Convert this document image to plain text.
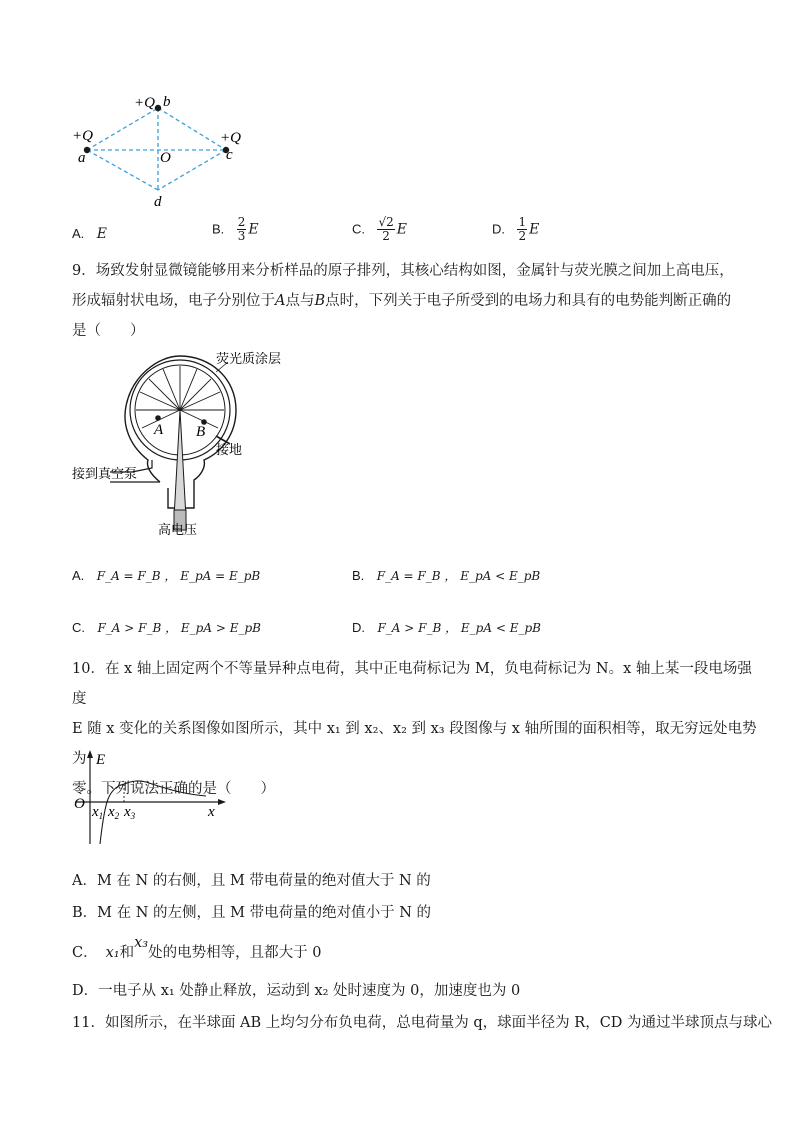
+Q b
+Q
a
+Q
c
O
d
A. E	B. $\frac{2}{3}$ E	C. $\frac{√2}{2}$ E	D. $\frac{1}{2}$ E
9．场致发射显微镜能够用来分析样品的原子排列，其核心结构如图，金属针与荧光膜之间加上高电压，
形成辐射状电场，电子分别位于A点与B点时，下列关于电子所受到的电场力和具有的电势能判断正确的
是（　　）
A B
荧光质涂层
接地
接到真空泵
高电压
A. F_A = F_B ， E_pA = E_pB	B. F_A = F_B ， E_pA < E_pB
C. F_A > F_B ， E_pA > E_pB	D. F_A > F_B ， E_pA < E_pB
10．在 x 轴上固定两个不等量异种点电荷，其中正电荷标记为 M，负电荷标记为 N。x 轴上某一段电场强度
E 随 x 变化的关系图像如图所示，其中 x₁ 到 x₂、x₂ 到 x₃ 段图像与 x 轴所围的面积相等，取无穷远处电势为
零。下列说法正确的是（　　）
E
O	x
$x_1$ $x_2$ $x_3$
A．M 在 N 的右侧，且 M 带电荷量的绝对值大于 N 的
B．M 在 N 的左侧，且 M 带电荷量的绝对值小于 N 的
C． x₁和x₃处的电势相等，且都大于 0
D．一电子从 x₁ 处静止释放，运动到 x₂ 处时速度为 0，加速度也为 0
11．如图所示，在半球面 AB 上均匀分布负电荷，总电荷量为 q，球面半径为 R，CD 为通过半球顶点与球心
